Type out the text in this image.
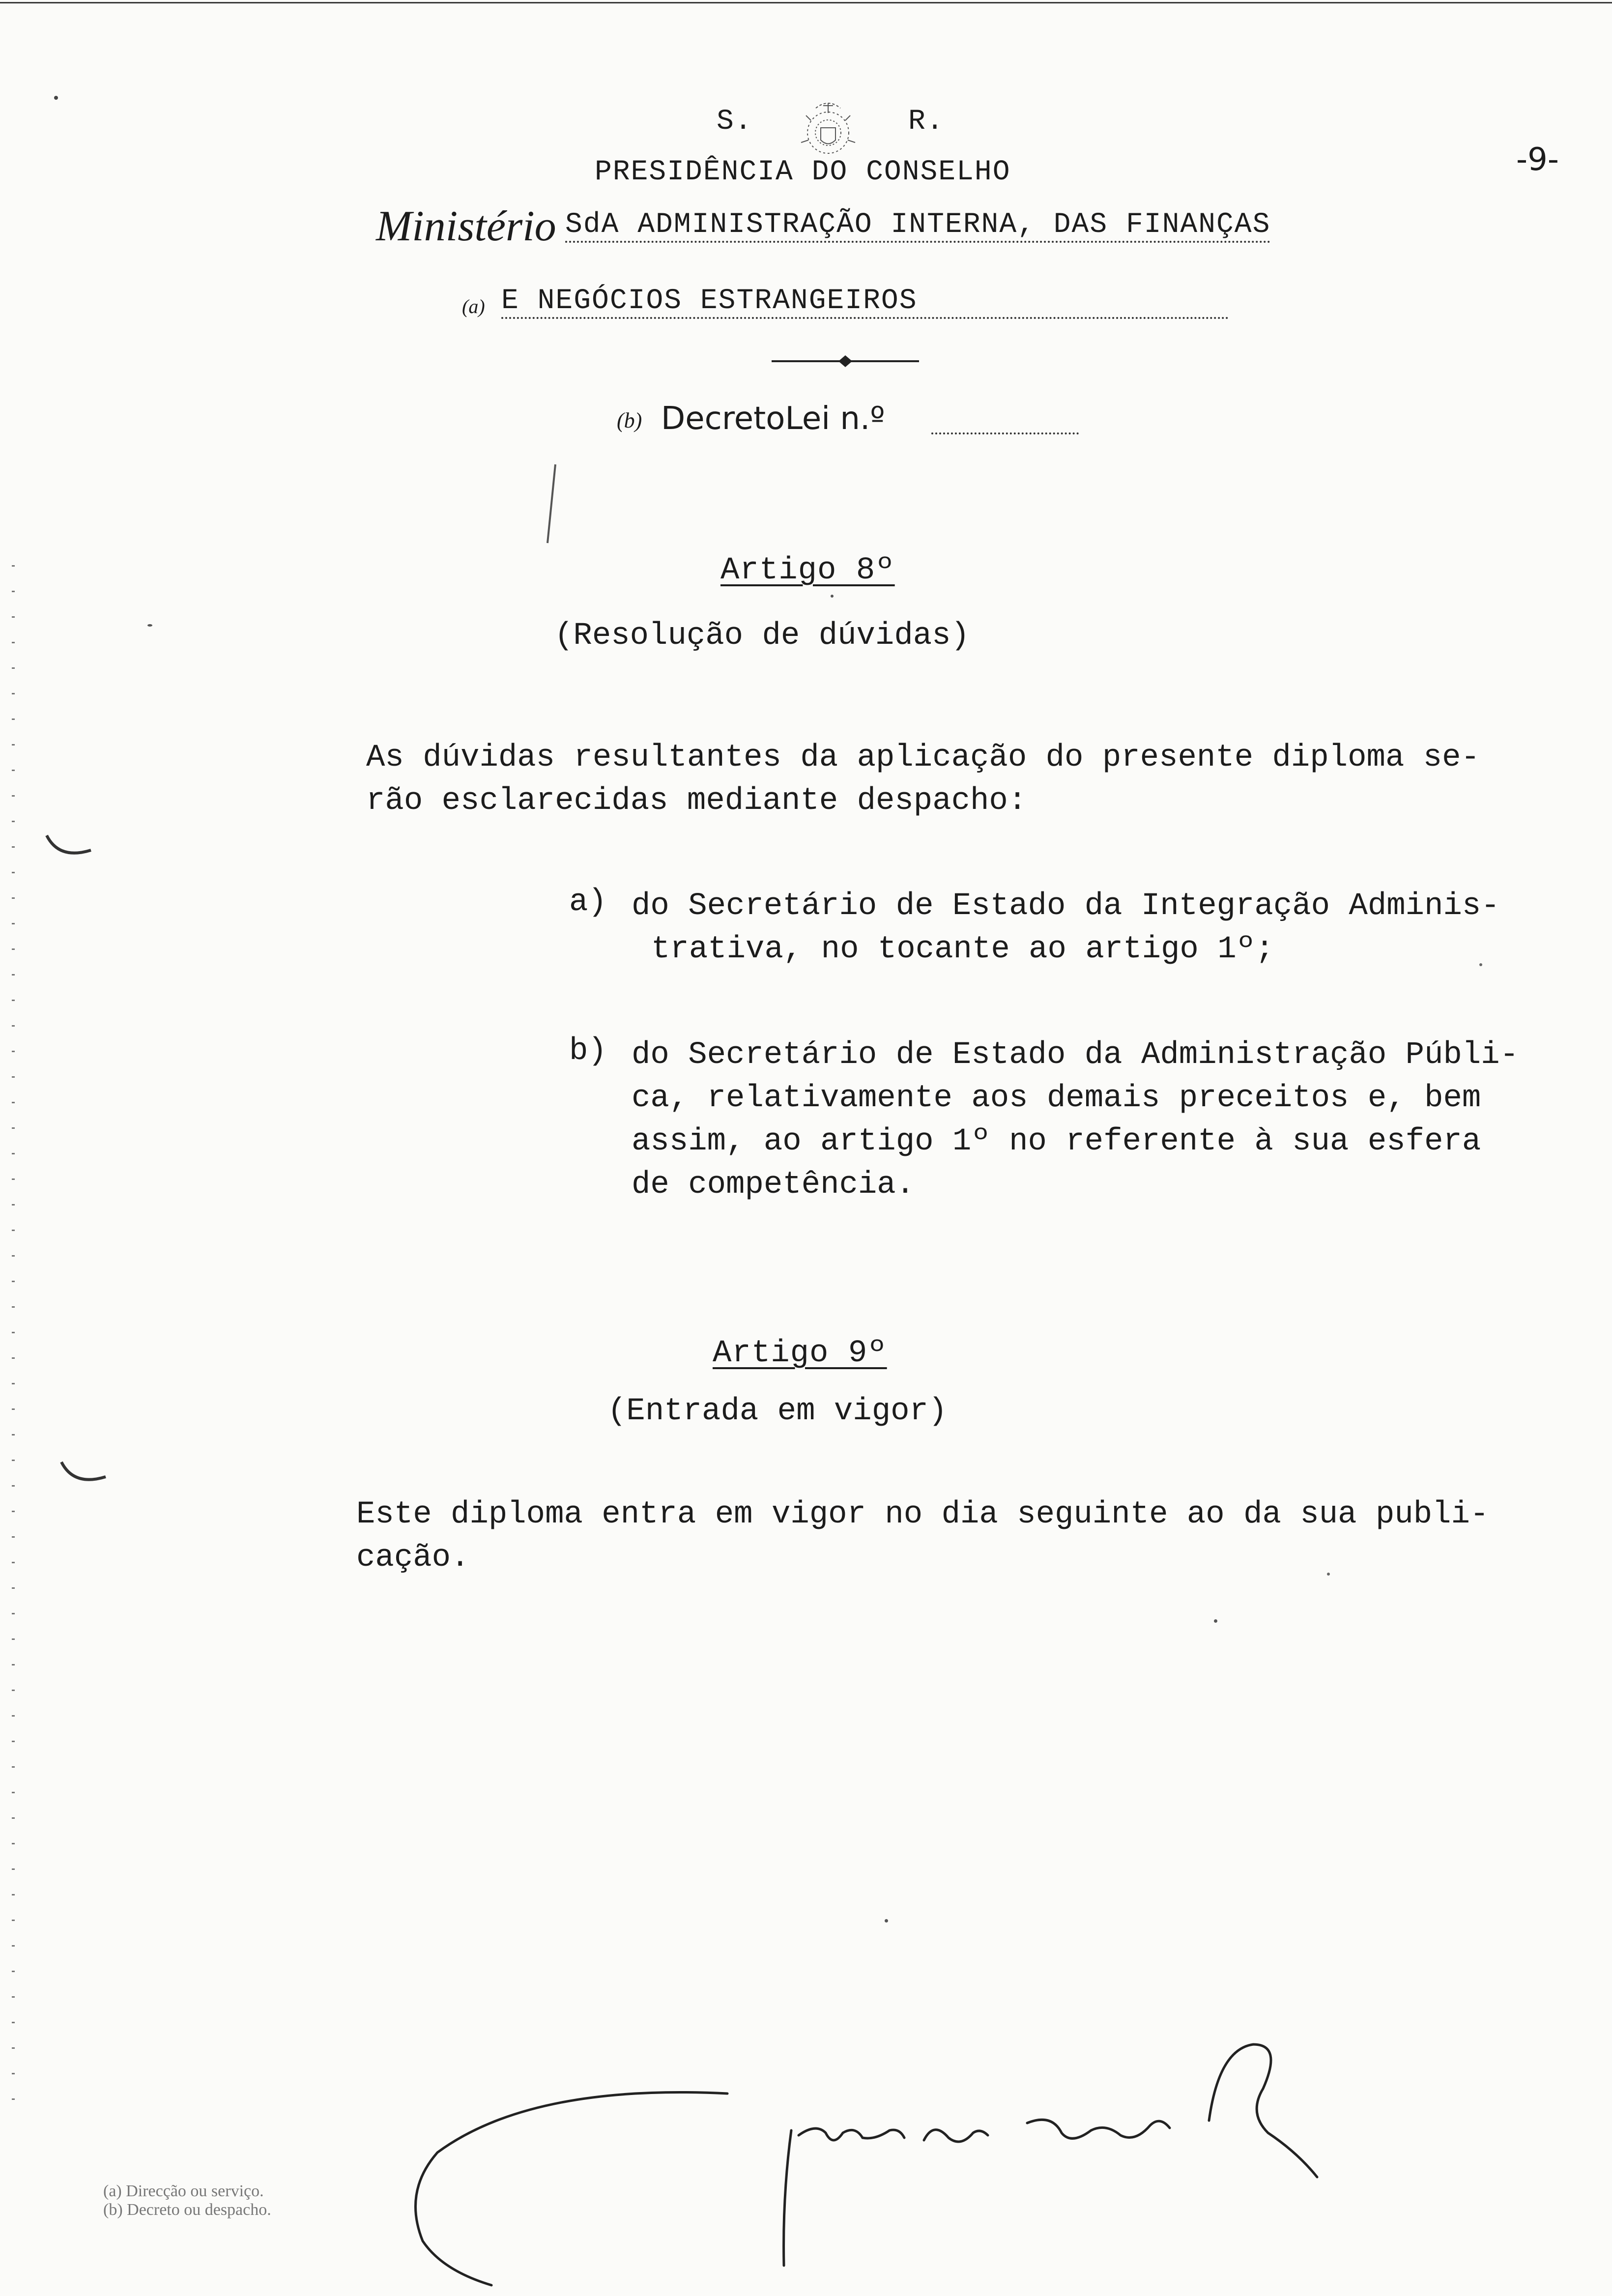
S.	R.
PRESIDÊNCIA DO CONSELHO	-9-
Ministério SdA ADMINISTRAÇÃO INTERNA, DAS FINANÇAS
(a) E NEGÓCIOS ESTRANGEIROS
(b) DecretoLei n.º
Artigo 8º
(Resolução de dúvidas)
As dúvidas resultantes da aplicação do presente diploma se-
rão esclarecidas mediante despacho:
a) do Secretário de Estado da Integração Adminis-
trativa, no tocante ao artigo 1º;
b) do Secretário de Estado da Administração Públi-
ca, relativamente aos demais preceitos e, bem
assim, ao artigo 1º no referente à sua esfera
de competência.
Artigo 9º
(Entrada em vigor)
Este diploma entra em vigor no dia seguinte ao da sua publi-
cação.
(a) Direcção ou serviço.
(b) Decreto ou despacho.
